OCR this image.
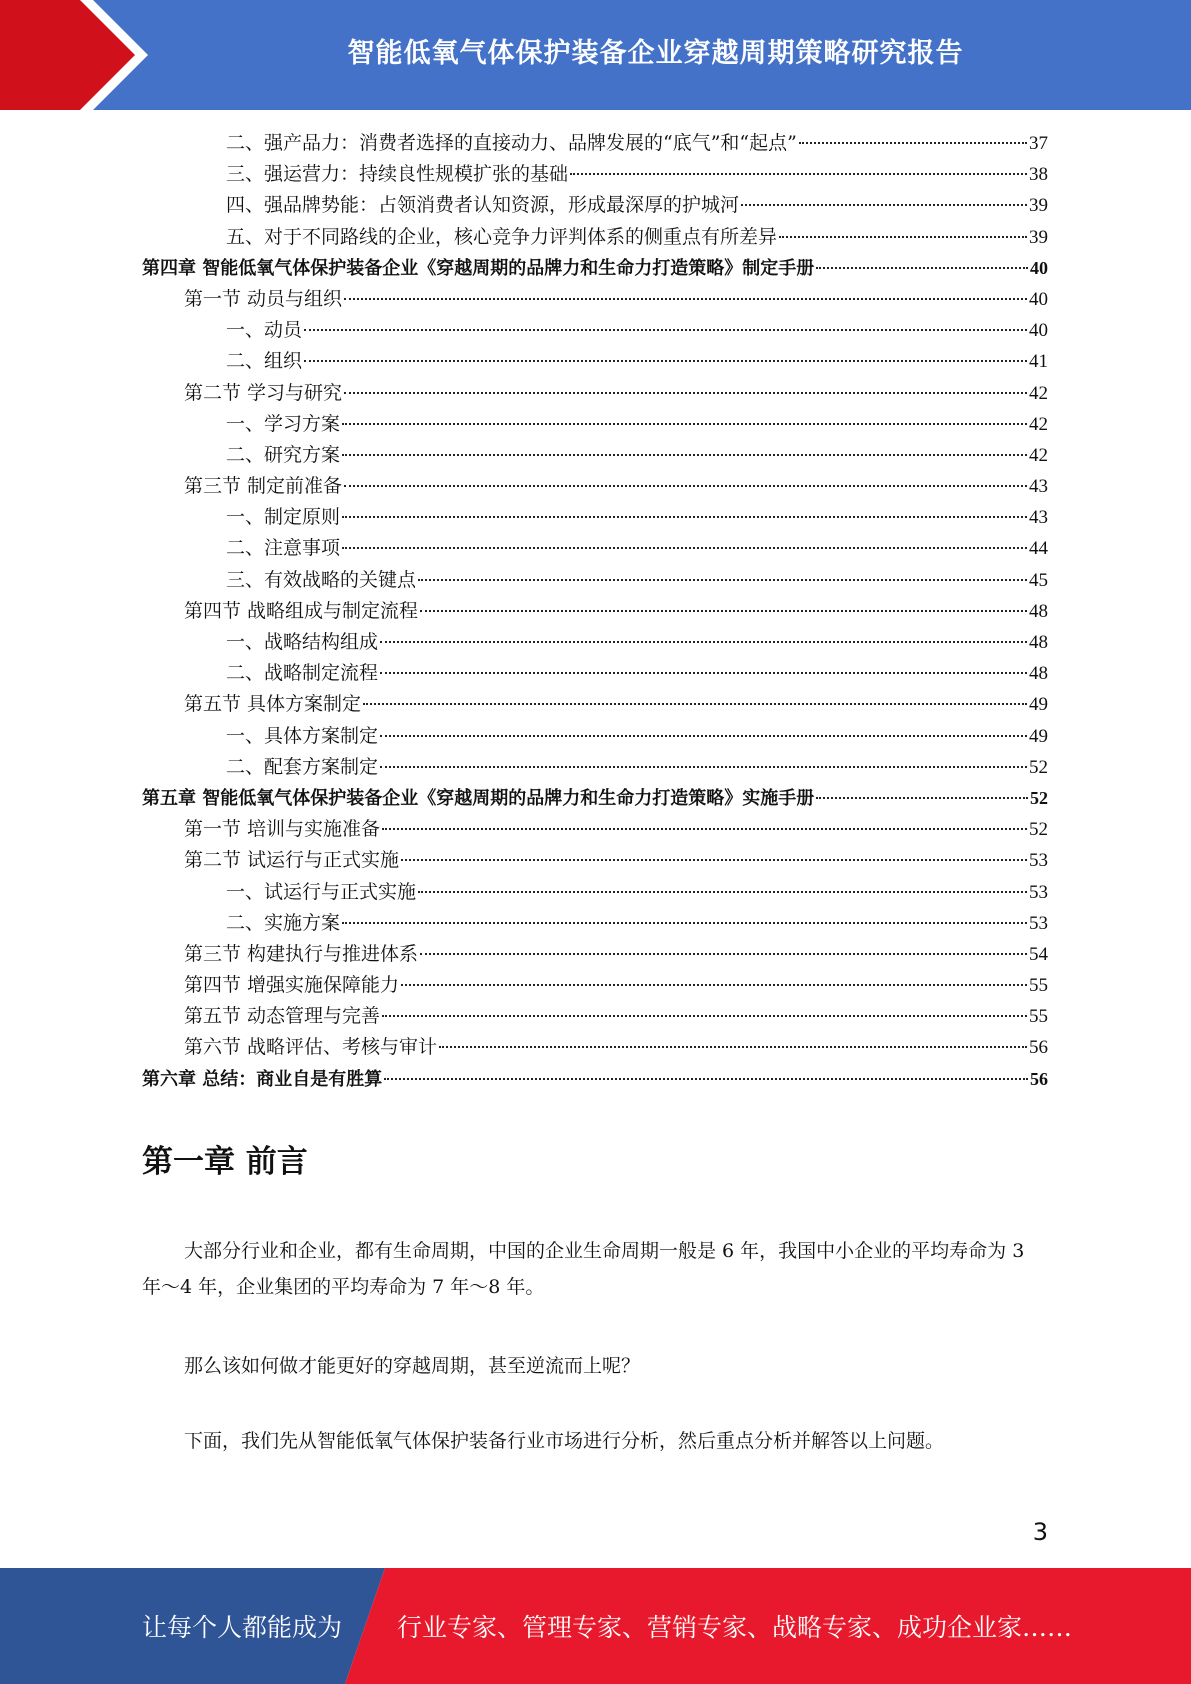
智能低氧气体保护装备企业穿越周期策略研究报告
二、强产品力：消费者选择的直接动力、品牌发展的“底气”和“起点”	37
三、强运营力：持续良性规模扩张的基础	38
四、强品牌势能：占领消费者认知资源，形成最深厚的护城河	39
五、对于不同路线的企业，核心竞争力评判体系的侧重点有所差异	39
第四章 智能低氧气体保护装备企业《穿越周期的品牌力和生命力打造策略》制定手册	40
第一节 动员与组织	40
一、动员	40
二、组织	41
第二节 学习与研究	42
一、学习方案	42
二、研究方案	42
第三节 制定前准备	43
一、制定原则	43
二、注意事项	44
三、有效战略的关键点	45
第四节 战略组成与制定流程	48
一、战略结构组成	48
二、战略制定流程	48
第五节 具体方案制定	49
一、具体方案制定	49
二、配套方案制定	52
第五章 智能低氧气体保护装备企业《穿越周期的品牌力和生命力打造策略》实施手册	52
第一节 培训与实施准备	52
第二节 试运行与正式实施	53
一、试运行与正式实施	53
二、实施方案	53
第三节 构建执行与推进体系	54
第四节 增强实施保障能力	55
第五节 动态管理与完善	55
第六节 战略评估、考核与审计	56
第六章 总结：商业自是有胜算	56
第一章 前言
大部分行业和企业，都有生命周期，中国的企业生命周期一般是 6 年，我国中小企业的平均寿命为 3 年～4 年，企业集团的平均寿命为 7 年～8 年。
那么该如何做才能更好的穿越周期，甚至逆流而上呢？
下面，我们先从智能低氧气体保护装备行业市场进行分析，然后重点分析并解答以上问题。
3
让每个人都能成为 行业专家、管理专家、营销专家、战略专家、成功企业家……
